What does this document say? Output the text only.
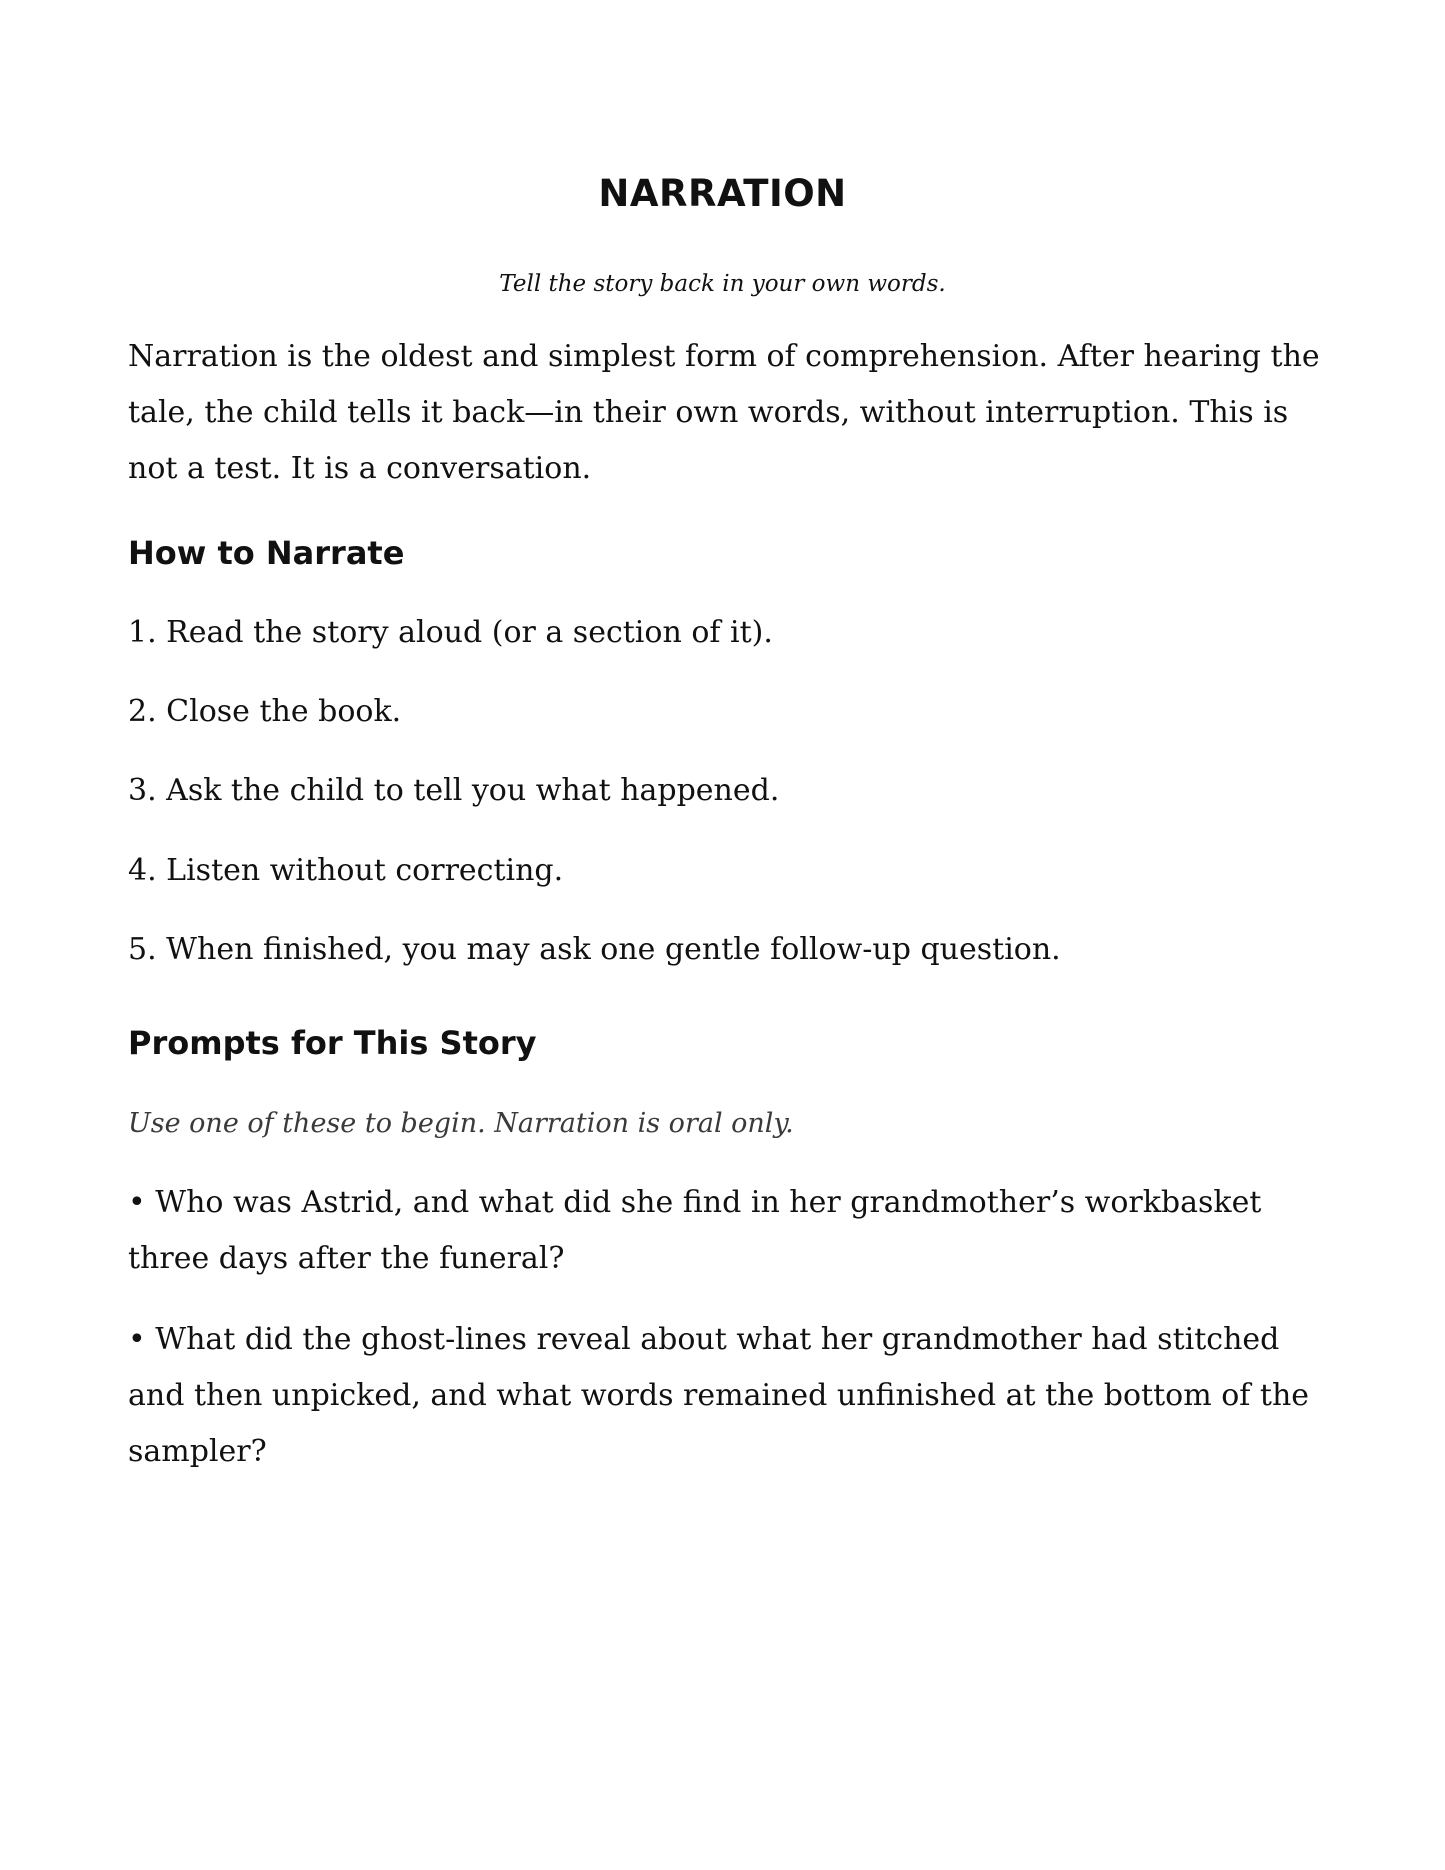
NARRATION

Tell the story back in your own words.

Narration is the oldest and simplest form of comprehension. After hearing the tale, the child tells it back—in their own words, without interruption. This is not a test. It is a conversation.

How to Narrate

1. Read the story aloud (or a section of it).

2. Close the book.

3. Ask the child to tell you what happened.

4. Listen without correcting.

5. When finished, you may ask one gentle follow-up question.

Prompts for This Story

Use one of these to begin. Narration is oral only.

• Who was Astrid, and what did she find in her grandmother’s workbasket three days after the funeral?

• What did the ghost-lines reveal about what her grandmother had stitched and then unpicked, and what words remained unfinished at the bottom of the sampler?
